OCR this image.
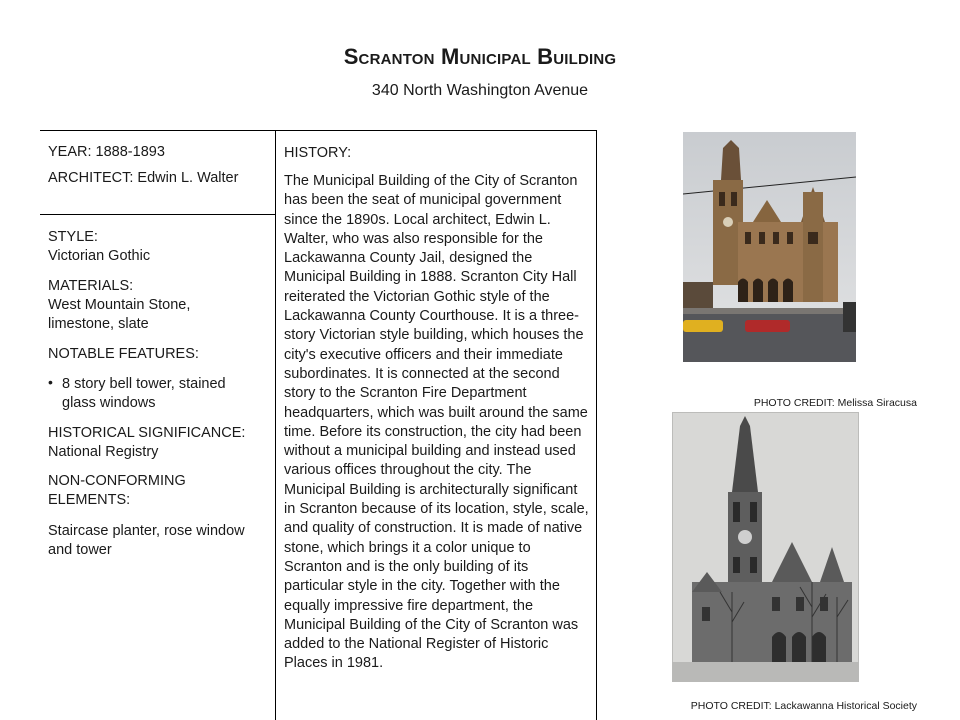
Scranton Municipal Building
340 North Washington Avenue
YEAR: 1888-1893
ARCHITECT: Edwin L. Walter
STYLE:
Victorian Gothic
MATERIALS:
West Mountain Stone, limestone, slate
NOTABLE FEATURES:
• 8 story bell tower, stained glass windows
HISTORICAL SIGNIFICANCE:
National Registry
NON-CONFORMING ELEMENTS:
Staircase planter, rose window and tower
HISTORY:
The Municipal Building of the City of Scranton has been the seat of municipal government since the 1890s. Local architect, Edwin L. Walter, who was also responsible for the Lackawanna County Jail, designed the Municipal Building in 1888. Scranton City Hall reiterated the Victorian Gothic style of the Lackawanna County Courthouse. It is a three-story Victorian style building, which houses the city's executive officers and their immediate subordinates. It is connected at the second story to the Scranton Fire Department headquarters, which was built around the same time. Before its construction, the city had been without a municipal building and instead used various offices throughout the city. The Municipal Building is architecturally significant in Scranton because of its location, style, scale, and quality of construction. It is made of native stone, which brings it a color unique to Scranton and is the only building of its particular style in the city. Together with the equally impressive fire department, the Municipal Building of the City of Scranton was added to the National Register of Historic Places in 1981.
PHOTO CREDIT: Melissa Siracusa
PHOTO CREDIT: Lackawanna Historical Society
